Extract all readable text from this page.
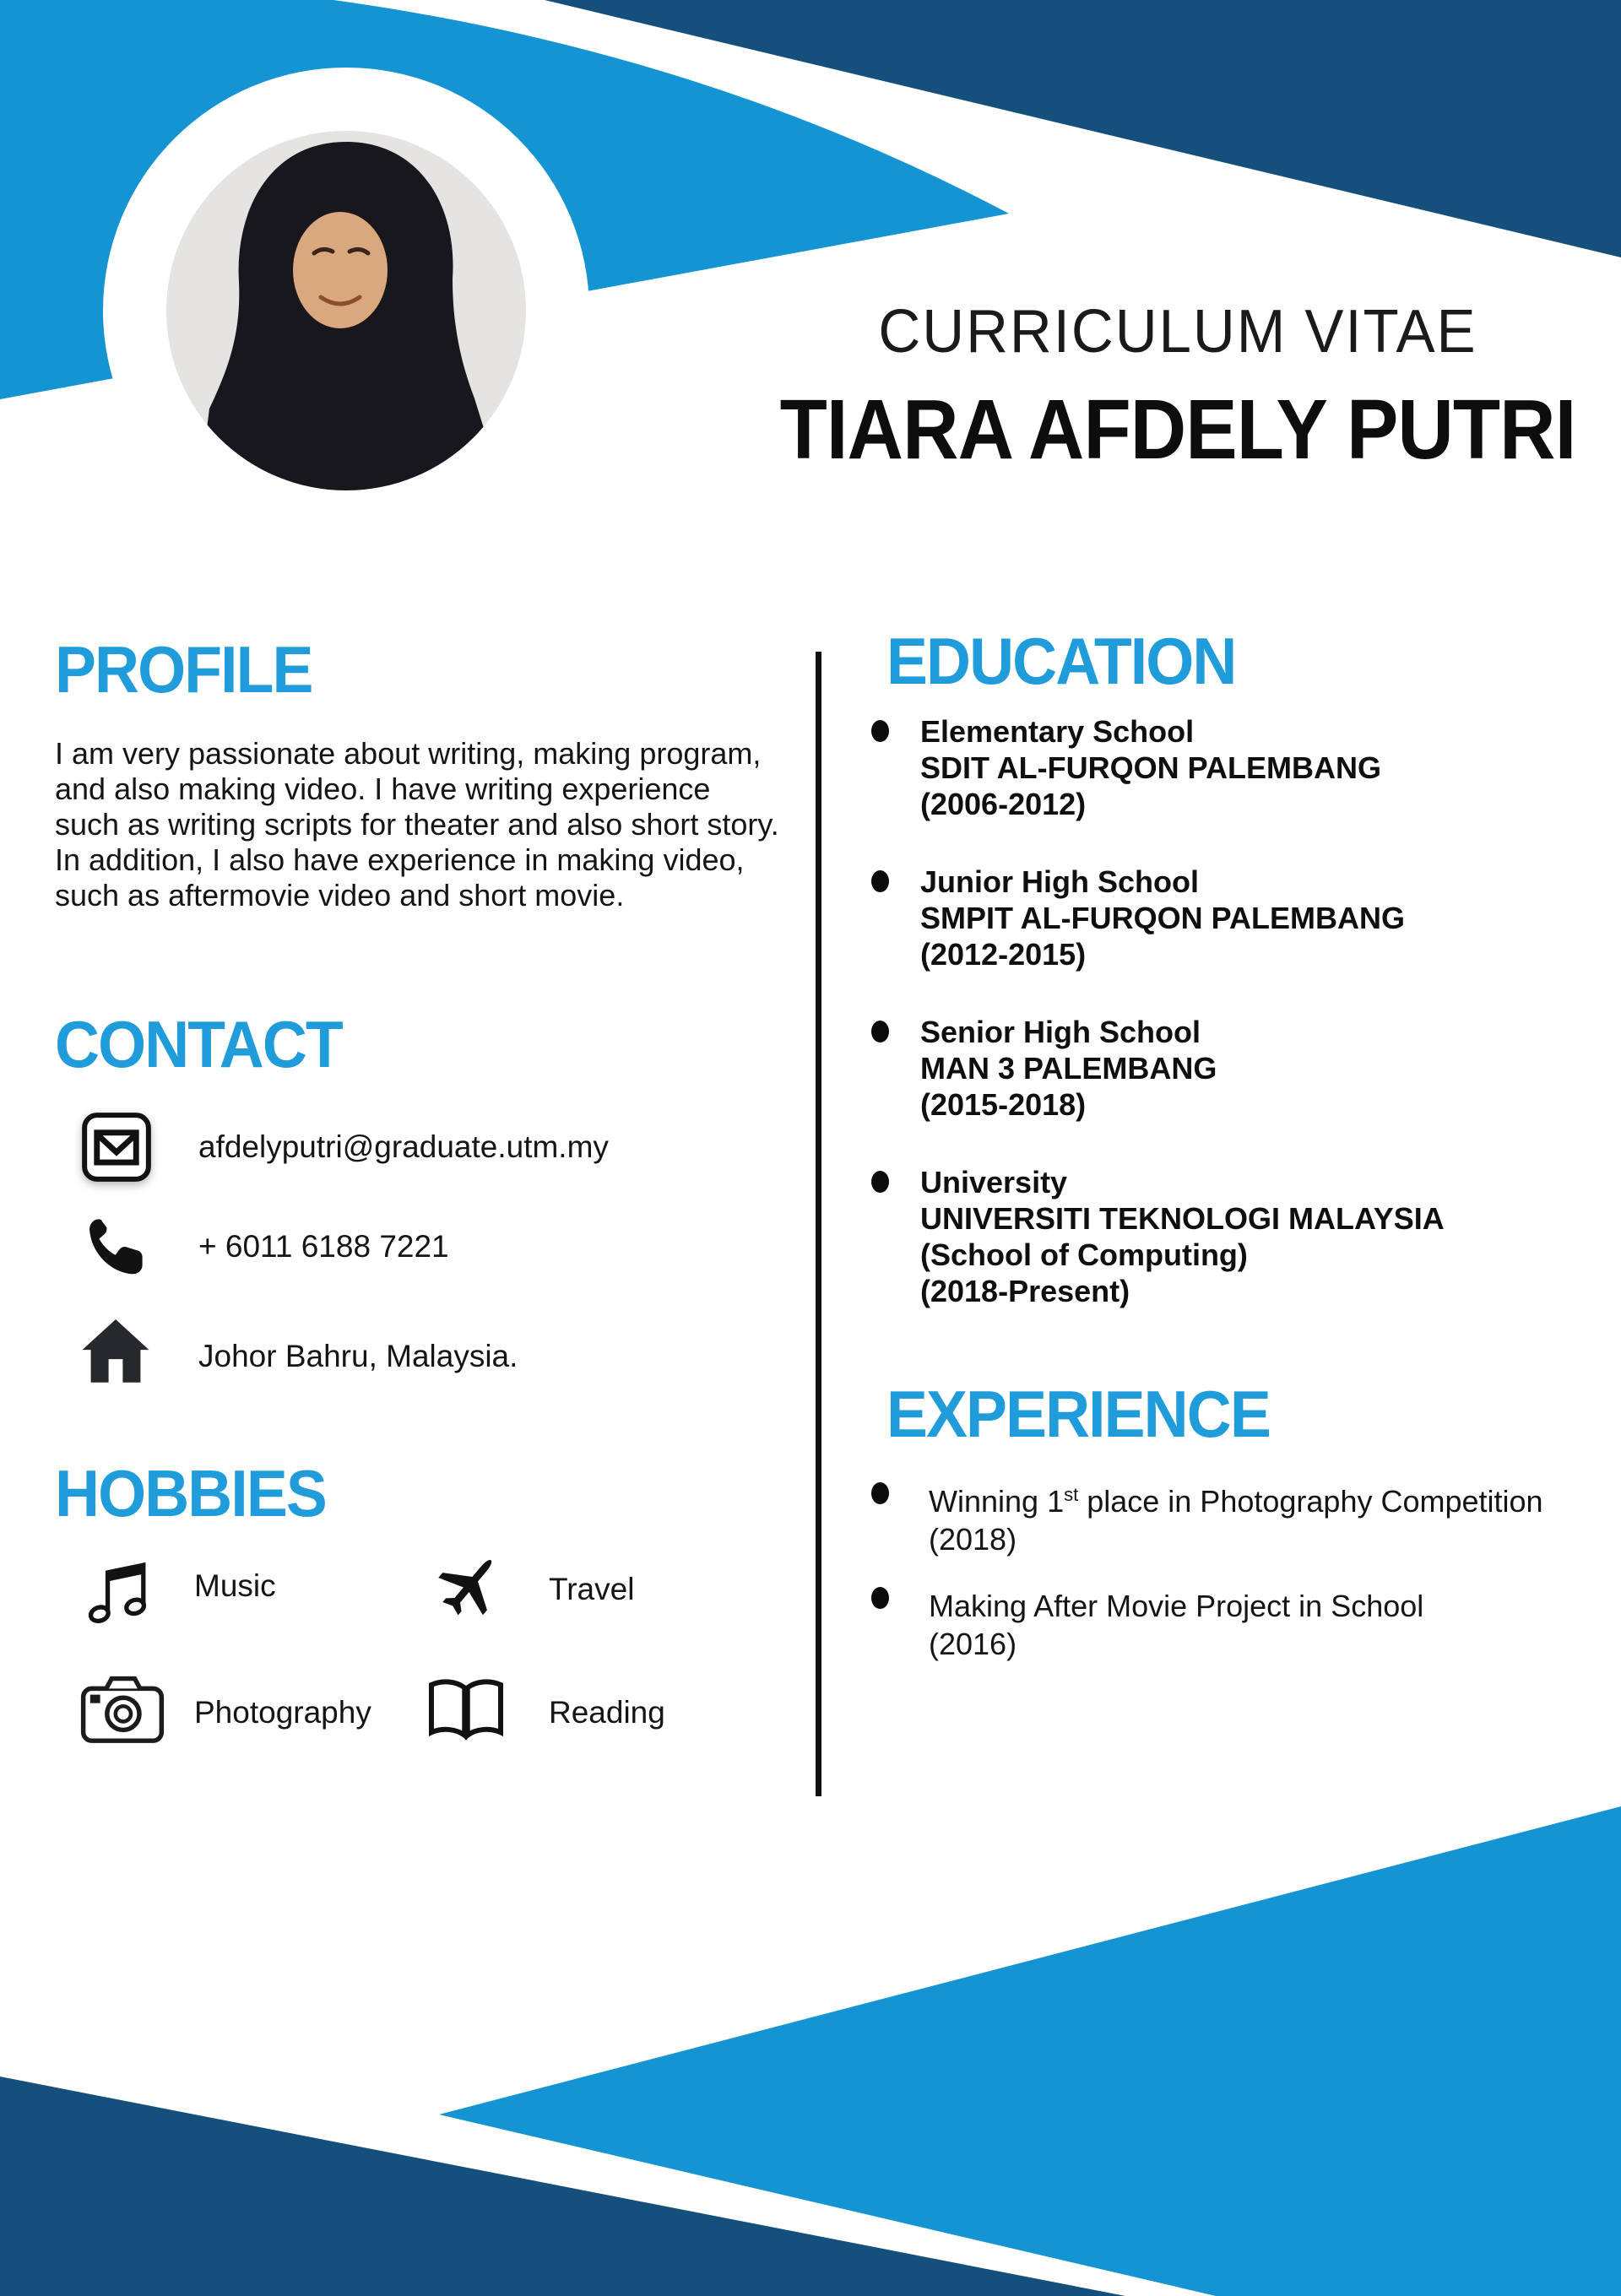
CURRICULUM VITAE
TIARA AFDELY PUTRI
PROFILE
I am very passionate about writing, making program, and also making video. I have writing experience such as writing scripts for theater and also short story. In addition, I also have experience in making video, such as aftermovie video and short movie.
CONTACT
afdelyputri@graduate.utm.my
+ 6011 6188 7221
Johor Bahru, Malaysia.
HOBBIES
Music	Travel
Photography	Reading
EDUCATION
Elementary School
SDIT AL-FURQON PALEMBANG
(2006-2012)
Junior High School
SMPIT AL-FURQON PALEMBANG
(2012-2015)
Senior High School
MAN 3 PALEMBANG
(2015-2018)
University
UNIVERSITI TEKNOLOGI MALAYSIA
(School of Computing)
(2018-Present)
EXPERIENCE
Winning 1st place in Photography Competition
(2018)
Making After Movie Project in School
(2016)
